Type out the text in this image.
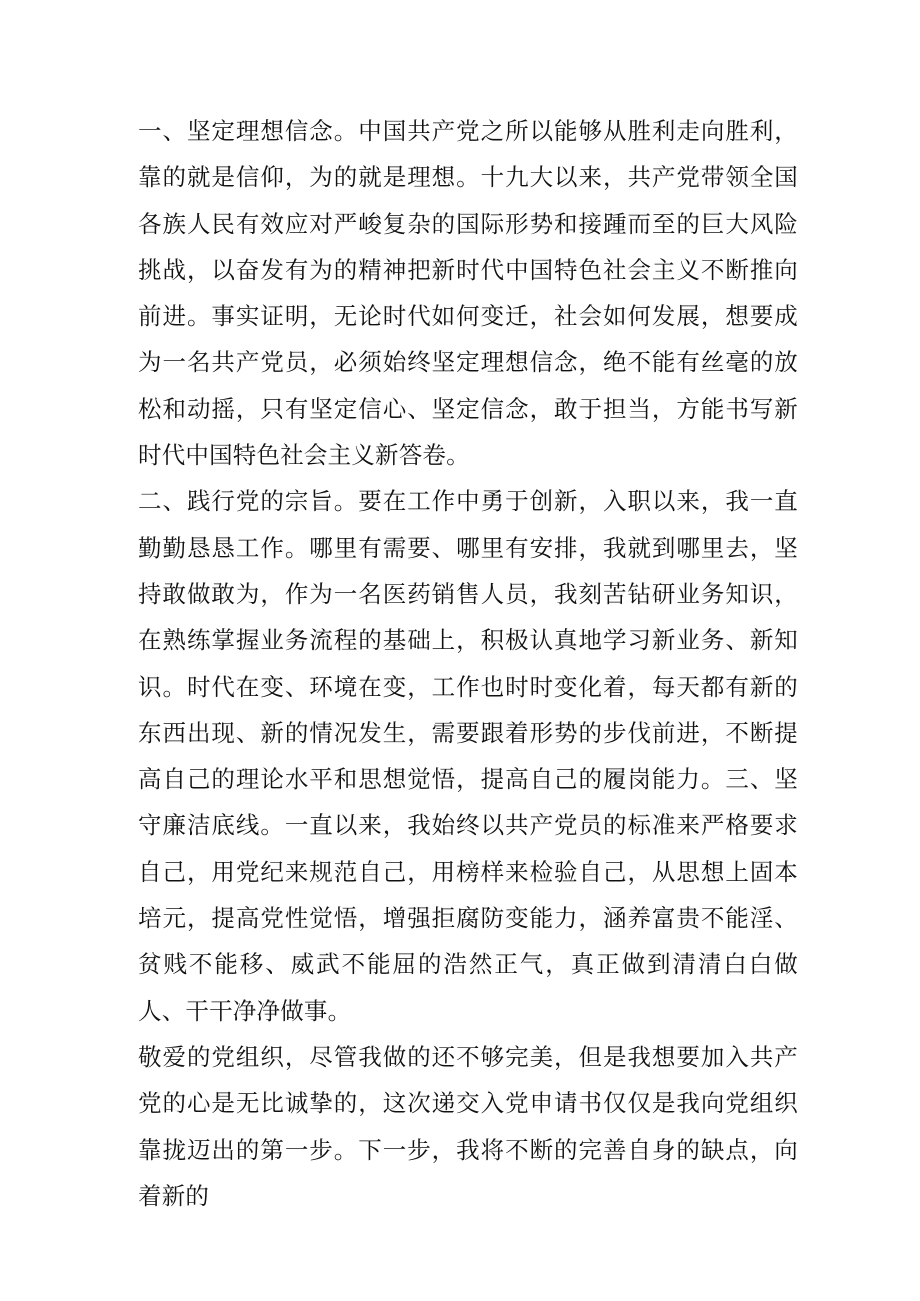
一、坚定理想信念。中国共产党之所以能够从胜利走向胜利，靠的就是信仰，为的就是理想。十九大以来，共产党带领全国各族人民有效应对严峻复杂的国际形势和接踵而至的巨大风险挑战，以奋发有为的精神把新时代中国特色社会主义不断推向前进。事实证明，无论时代如何变迁，社会如何发展，想要成为一名共产党员，必须始终坚定理想信念，绝不能有丝毫的放松和动摇，只有坚定信心、坚定信念，敢于担当，方能书写新时代中国特色社会主义新答卷。

二、践行党的宗旨。要在工作中勇于创新，入职以来，我一直勤勤恳恳工作。哪里有需要、哪里有安排，我就到哪里去，坚持敢做敢为，作为一名医药销售人员，我刻苦钻研业务知识，在熟练掌握业务流程的基础上，积极认真地学习新业务、新知识。时代在变、环境在变，工作也时时变化着，每天都有新的东西出现、新的情况发生，需要跟着形势的步伐前进，不断提高自己的理论水平和思想觉悟，提高自己的履岗能力。三、坚守廉洁底线。一直以来，我始终以共产党员的标准来严格要求自己，用党纪来规范自己，用榜样来检验自己，从思想上固本培元，提高党性觉悟，增强拒腐防变能力，涵养富贵不能淫、贫贱不能移、威武不能屈的浩然正气，真正做到清清白白做人、干干净净做事。

敬爱的党组织，尽管我做的还不够完美，但是我想要加入共产党的心是无比诚挚的，这次递交入党申请书仅仅是我向党组织靠拢迈出的第一步。下一步，我将不断的完善自身的缺点，向着新的
